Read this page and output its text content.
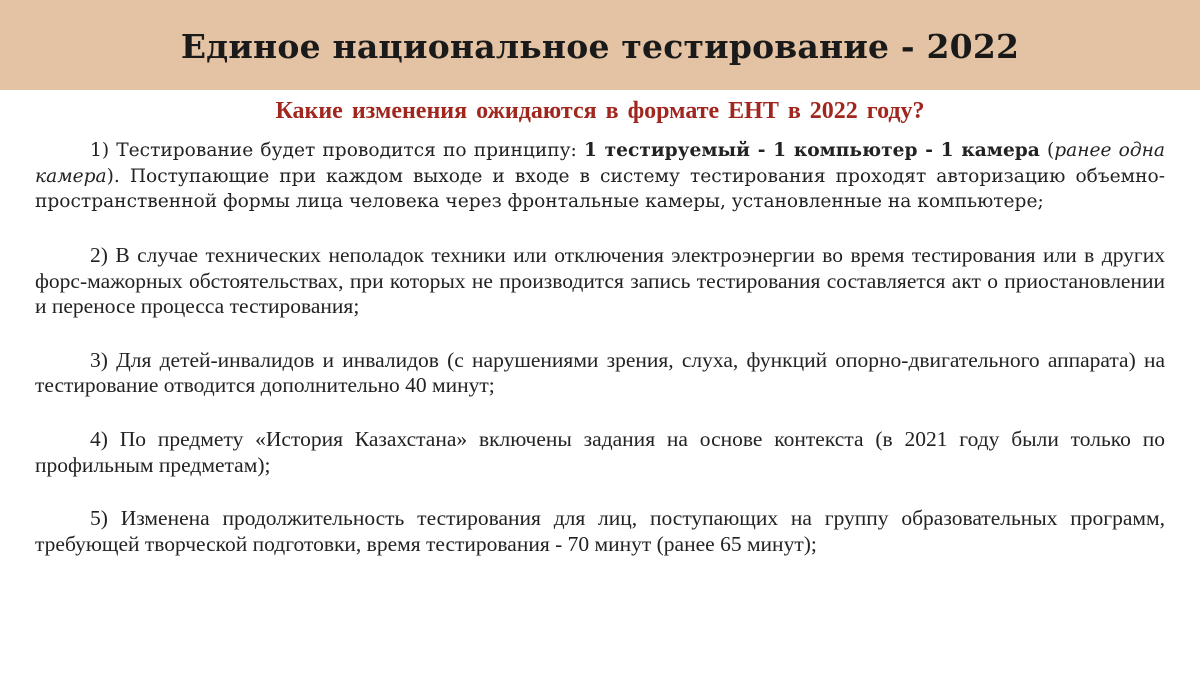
Единое национальное тестирование - 2022
Какие изменения ожидаются в формате ЕНТ в 2022 году?

1) Тестирование будет проводится по принципу: 1 тестируемый - 1 компьютер - 1 камера (ранее одна камера). Поступающие при каждом выходе и входе в систему тестирования проходят авторизацию объемно-пространственной формы лица человека через фронтальные камеры, установленные на компьютере;

2) В случае технических неполадок техники или отключения электроэнергии во время тестирования или в других форс-мажорных обстоятельствах, при которых не производится запись тестирования составляется акт о приостановлении и переносе процесса тестирования;

3) Для детей-инвалидов и инвалидов (с нарушениями зрения, слуха, функций опорно-двигательного аппарата) на тестирование отводится дополнительно 40 минут;

4) По предмету «История Казахстана» включены задания на основе контекста (в 2021 году были только по профильным предметам);

5) Изменена продолжительность тестирования для лиц, поступающих на группу образовательных программ, требующей творческой подготовки, время тестирования - 70 минут (ранее 65 минут);
